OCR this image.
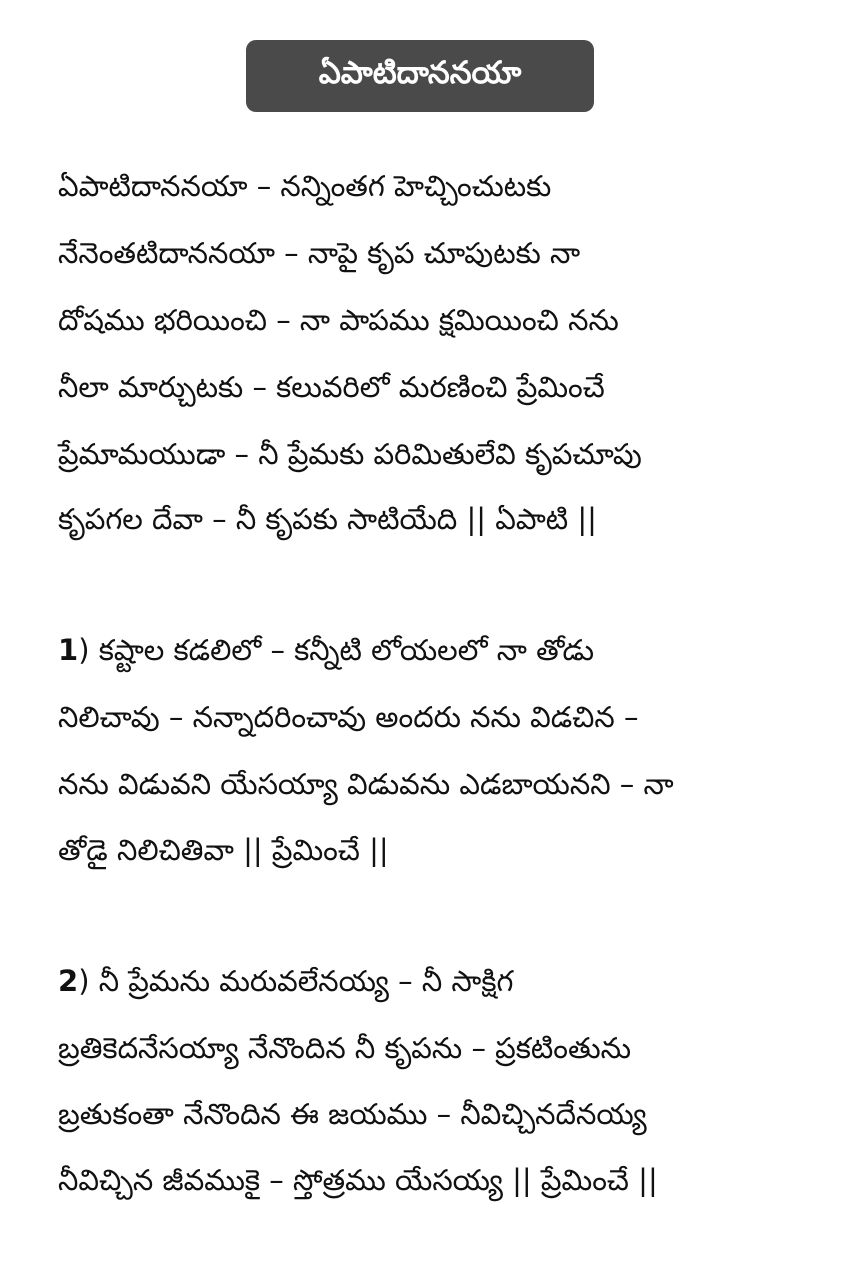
ఏపాటిదాననయా
ఏపాటిదాననయా – నన్నింతగ హెచ్చించుటకు
నేనెంతటిదాననయా – నాపై కృప చూపుటకు నా
దోషము భరియించి – నా పాపము క్షమియించి నను
నీలా మార్చుటకు – కలువరిలో మరణించి ప్రేమించే
ప్రేమామయుడా – నీ ప్రేమకు పరిమితులేవి కృపచూపు
కృపగల దేవా – నీ కృపకు సాటియేది || ఏపాటి ||
1) కష్టాల కడలిలో – కన్నీటి లోయలలో నా తోడు
నిలిచావు – నన్నాదరించావు అందరు నను విడచిన –
నను విడువని యేసయ్యా విడువను ఎడబాయనని – నా
తోడై నిలిచితివా || ప్రేమించే ||
2) నీ ప్రేమను మరువలేనయ్య – నీ సాక్షిగ
బ్రతికెదనేసయ్యా నేనొందిన నీ కృపను – ప్రకటింతును
బ్రతుకంతా నేనొందిన ఈ జయము – నీవిచ్చినదేనయ్య
నీవిచ్చిన జీవముకై – స్తోత్రము యేసయ్య || ప్రేమించే ||
